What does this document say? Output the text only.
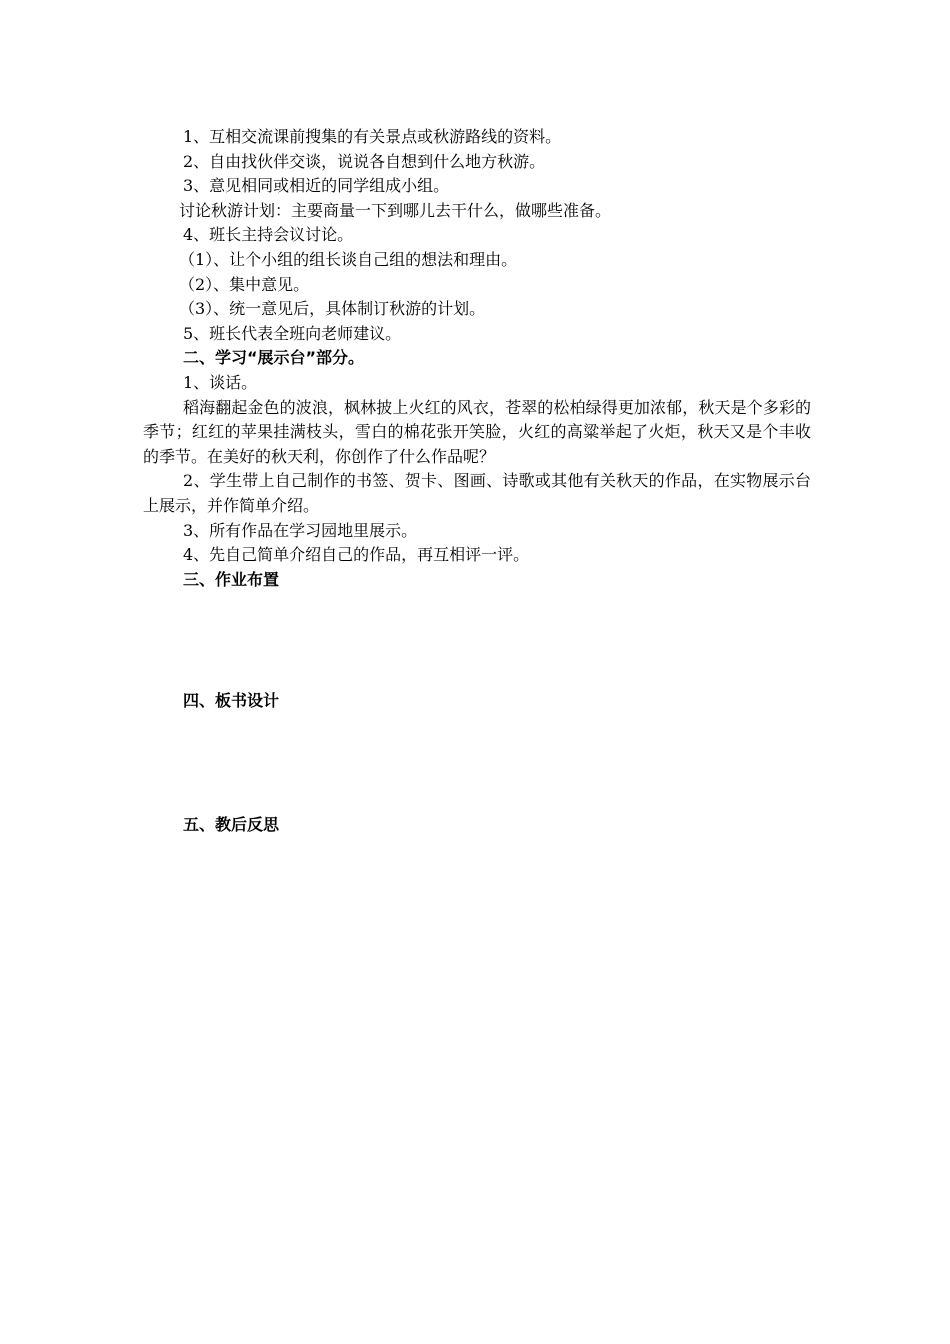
1、互相交流课前搜集的有关景点或秋游路线的资料。

2、自由找伙伴交谈，说说各自想到什么地方秋游。

3、意见相同或相近的同学组成小组。

讨论秋游计划：主要商量一下到哪儿去干什么，做哪些准备。

4、班长主持会议讨论。

（1）、让个小组的组长谈自己组的想法和理由。

（2）、集中意见。

（3）、统一意见后，具体制订秋游的计划。

5、班长代表全班向老师建议。

二、学习“展示台”部分。

1、谈话。

稻海翻起金色的波浪，枫林披上火红的风衣，苍翠的松柏绿得更加浓郁，秋天是个多彩的季节；红红的苹果挂满枝头，雪白的棉花张开笑脸，火红的高粱举起了火炬，秋天又是个丰收的季节。在美好的秋天利，你创作了什么作品呢？

2、学生带上自己制作的书签、贺卡、图画、诗歌或其他有关秋天的作品，在实物展示台上展示，并作简单介绍。

3、所有作品在学习园地里展示。

4、先自己简单介绍自己的作品，再互相评一评。

三、作业布置

四、板书设计

五、教后反思
